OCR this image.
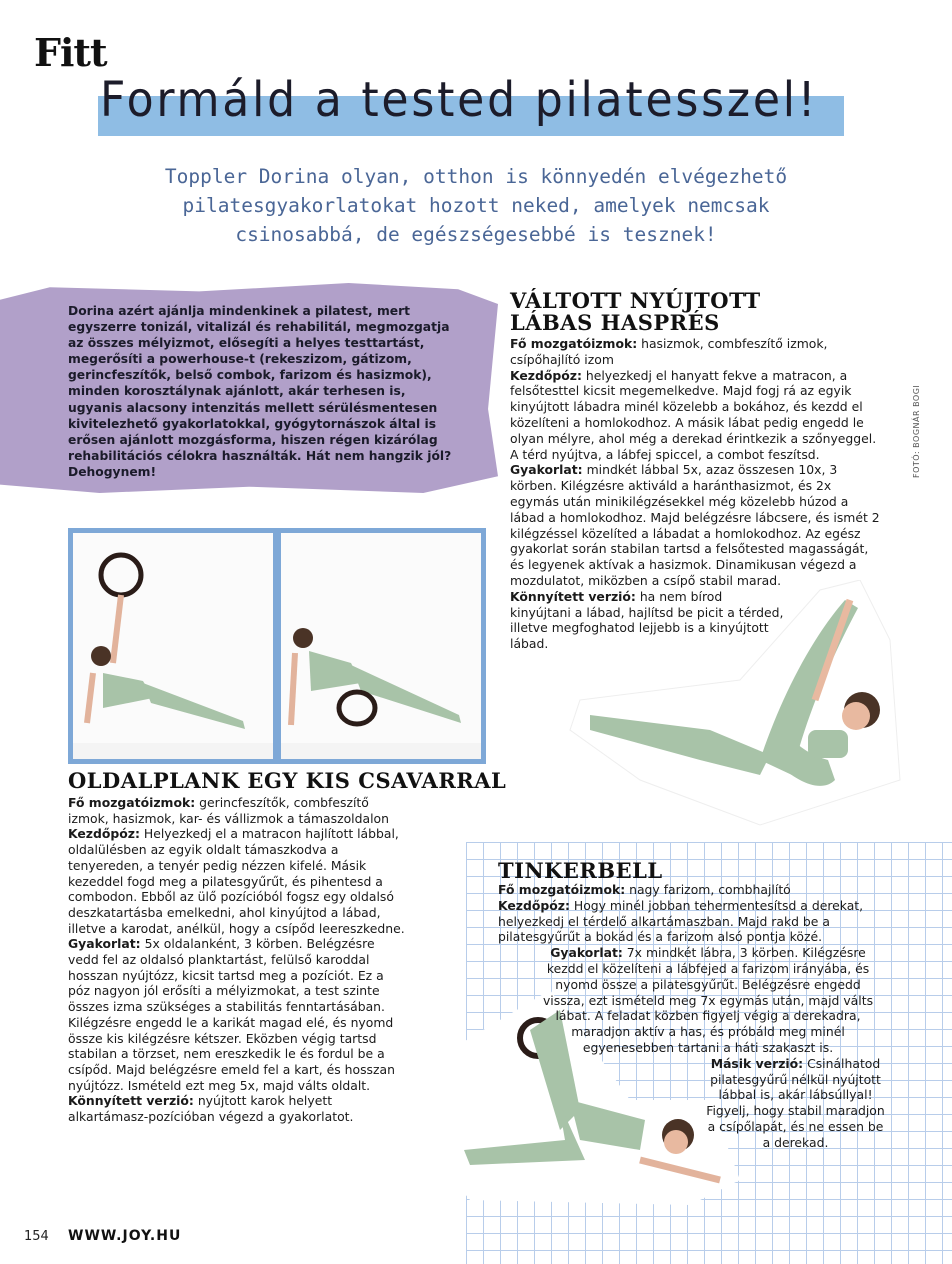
Fitt
Formáld a tested pilatesszel!
Toppler Dorina olyan, otthon is könnyedén elvégezhető pilatesgyakorlatokat hozott neked, amelyek nemcsak csinosabbá, de egészségesebbé is tesznek!
Dorina azért ajánlja mindenkinek a pilatest, mert egyszerre tonizál, vitalizál és rehabilitál, megmozgatja az összes mélyizmot, elősegíti a helyes testtartást, megerősíti a powerhouse-t (rekeszizom, gátizom, gerincfeszítők, belső combok, farizom és hasizmok), minden korosztálynak ajánlott, akár terhesen is, ugyanis alacsony intenzitás mellett sérülésmentesen kivitelezhető gyakorlatokkal, gyógytornászok által is erősen ajánlott mozgásforma, hiszen régen kizárólag rehabilitációs célokra használták. Hát nem hangzik jól? Dehogynem!	FOTÓ: BOGNÁR BOGI
VÁLTOTT NYÚJTOTT LÁBAS HASPRÉS

Fő mozgatóizmok: hasizmok, combfeszítő izmok, csípőhajlító izom

Kezdőpóz: helyezkedj el hanyatt fekve a matracon, a felsőtesttel kicsit megemelkedve. Majd fogj rá az egyik kinyújtott lábadra minél közelebb a bokához, és kezdd el közelíteni a homlokodhoz. A másik lábat pedig engedd le olyan mélyre, ahol még a derekad érintkezik a szőnyeggel. A térd nyújtva, a lábfej spiccel, a combot feszítsd.

Gyakorlat: mindkét lábbal 5x, azaz összesen 10x, 3 körben. Kilégzésre aktiváld a haránthasizmot, és 2x egymás után minikilégzésekkel még közelebb húzod a lábad a homlokodhoz. Majd belégzésre lábcsere, és ismét 2 kilégzéssel közelíted a lábadat a homlokodhoz. Az egész gyakorlat során stabilan tartsd a felsőtested magasságát, és legyenek aktívak a hasizmok. Dinamikusan végezd a mozdulatot, miközben a csípő stabil marad.

Könnyített verzió: ha nem bírod kinyújtani a lábad, hajlítsd be picit a térded, illetve megfoghatod lejjebb is a kinyújtott lábad.

OLDALPLANK EGY KIS CSAVARRAL

Fő mozgatóizmok: gerincfeszítők, combfeszítő izmok, hasizmok, kar- és vállizmok a támaszoldalon

Kezdőpóz: Helyezkedj el a matracon hajlított lábbal, oldalülésben az egyik oldalt támaszkodva a tenyereden, a tenyér pedig nézzen kifelé. Másik kezeddel fogd meg a pilatesgyűrűt, és pihentesd a combodon. Ebből az ülő pozícióból fogsz egy oldalsó deszkatartásba emelkedni, ahol kinyújtod a lábad, illetve a karodat, anélkül, hogy a csípőd leereszkedne.

Gyakorlat: 5x oldalanként, 3 körben. Belégzésre vedd fel az oldalsó planktartást, felülső karoddal hosszan nyújtózz, kicsit tartsd meg a pozíciót. Ez a póz nagyon jól erősíti a mélyizmokat, a test szinte összes izma szükséges a stabilitás fenntartásában. Kilégzésre engedd le a karikát magad elé, és nyomd össze kis kilégzésre kétszer. Eközben végig tartsd stabilan a törzset, nem ereszkedik le és fordul be a csípőd. Majd belégzésre emeld fel a kart, és hosszan nyújtózz. Ismételd ezt meg 5x, majd válts oldalt.

Könnyített verzió: nyújtott karok helyett alkartámasz-pozícióban végezd a gyakorlatot.

TINKERBELL

Fő mozgatóizmok: nagy farizom, combhajlító

Kezdőpóz: Hogy minél jobban tehermentesítsd a derekat, helyezkedj el térdelő alkartámaszban. Majd rakd be a pilatesgyűrűt a bokád és a farizom alsó pontja közé.

Gyakorlat: 7x mindkét lábra, 3 körben. Kilégzésre kezdd el közelíteni a lábfejed a farizom irányába, és nyomd össze a pilatesgyűrűt. Belégzésre engedd vissza, ezt ismételd meg 7x egymás után, majd válts lábat. A feladat közben figyelj végig a derekadra, maradjon aktív a has, és próbáld meg minél egyenesebben tartani a háti szakaszt is.

Másik verzió: Csinálhatod pilatesgyűrű nélkül nyújtott lábbal is, akár lábsúllyal! Figyelj, hogy stabil maradjon a csípőlapát, és ne essen be a derekad.

154 WWW.JOY.HU
